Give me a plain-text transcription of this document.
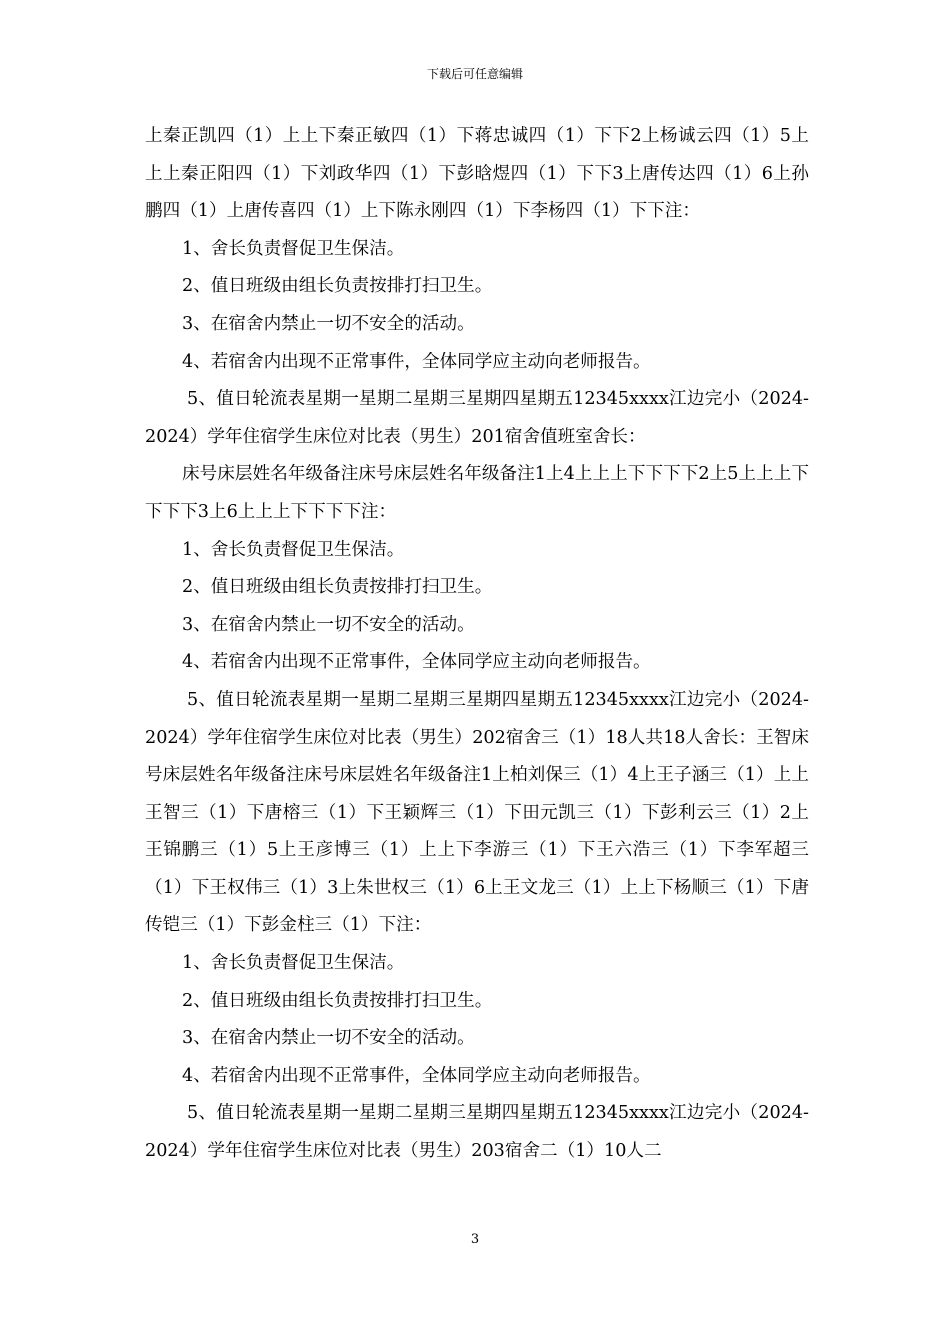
下载后可任意编辑

上秦正凯四（1）上上下秦正敏四（1）下蒋忠诚四（1）下下2上杨诚云四（1）5上上上秦正阳四（1）下刘政华四（1）下彭晗煜四（1）下下3上唐传达四（1）6上孙鹏四（1）上唐传喜四（1）上下陈永刚四（1）下李杨四（1）下下注：

1、舍长负责督促卫生保洁。

2、值日班级由组长负责按排打扫卫生。

3、在宿舍内禁止一切不安全的活动。

4、若宿舍内出现不正常事件，全体同学应主动向老师报告。

5、值日轮流表星期一星期二星期三星期四星期五12345xxxx江边完小（2024-2024）学年住宿学生床位对比表（男生）201宿舍值班室舍长：

床号床层姓名年级备注床号床层姓名年级备注1上4上上上下下下下2上5上上上下下下下3上6上上上下下下下注：

1、舍长负责督促卫生保洁。

2、值日班级由组长负责按排打扫卫生。

3、在宿舍内禁止一切不安全的活动。

4、若宿舍内出现不正常事件，全体同学应主动向老师报告。

5、值日轮流表星期一星期二星期三星期四星期五12345xxxx江边完小（2024-2024）学年住宿学生床位对比表（男生）202宿舍三（1）18人共18人舍长：王智床号床层姓名年级备注床号床层姓名年级备注1上柏刘保三（1）4上王子涵三（1）上上王智三（1）下唐榕三（1）下王颖辉三（1）下田元凯三（1）下彭利云三（1）2上王锦鹏三（1）5上王彦博三（1）上上下李游三（1）下王六浩三（1）下李军超三（1）下王权伟三（1）3上朱世权三（1）6上王文龙三（1）上上下杨顺三（1）下唐传铠三（1）下彭金柱三（1）下注：

1、舍长负责督促卫生保洁。

2、值日班级由组长负责按排打扫卫生。

3、在宿舍内禁止一切不安全的活动。

4、若宿舍内出现不正常事件，全体同学应主动向老师报告。

5、值日轮流表星期一星期二星期三星期四星期五12345xxxx江边完小（2024-2024）学年住宿学生床位对比表（男生）203宿舍二（1）10人二

3
